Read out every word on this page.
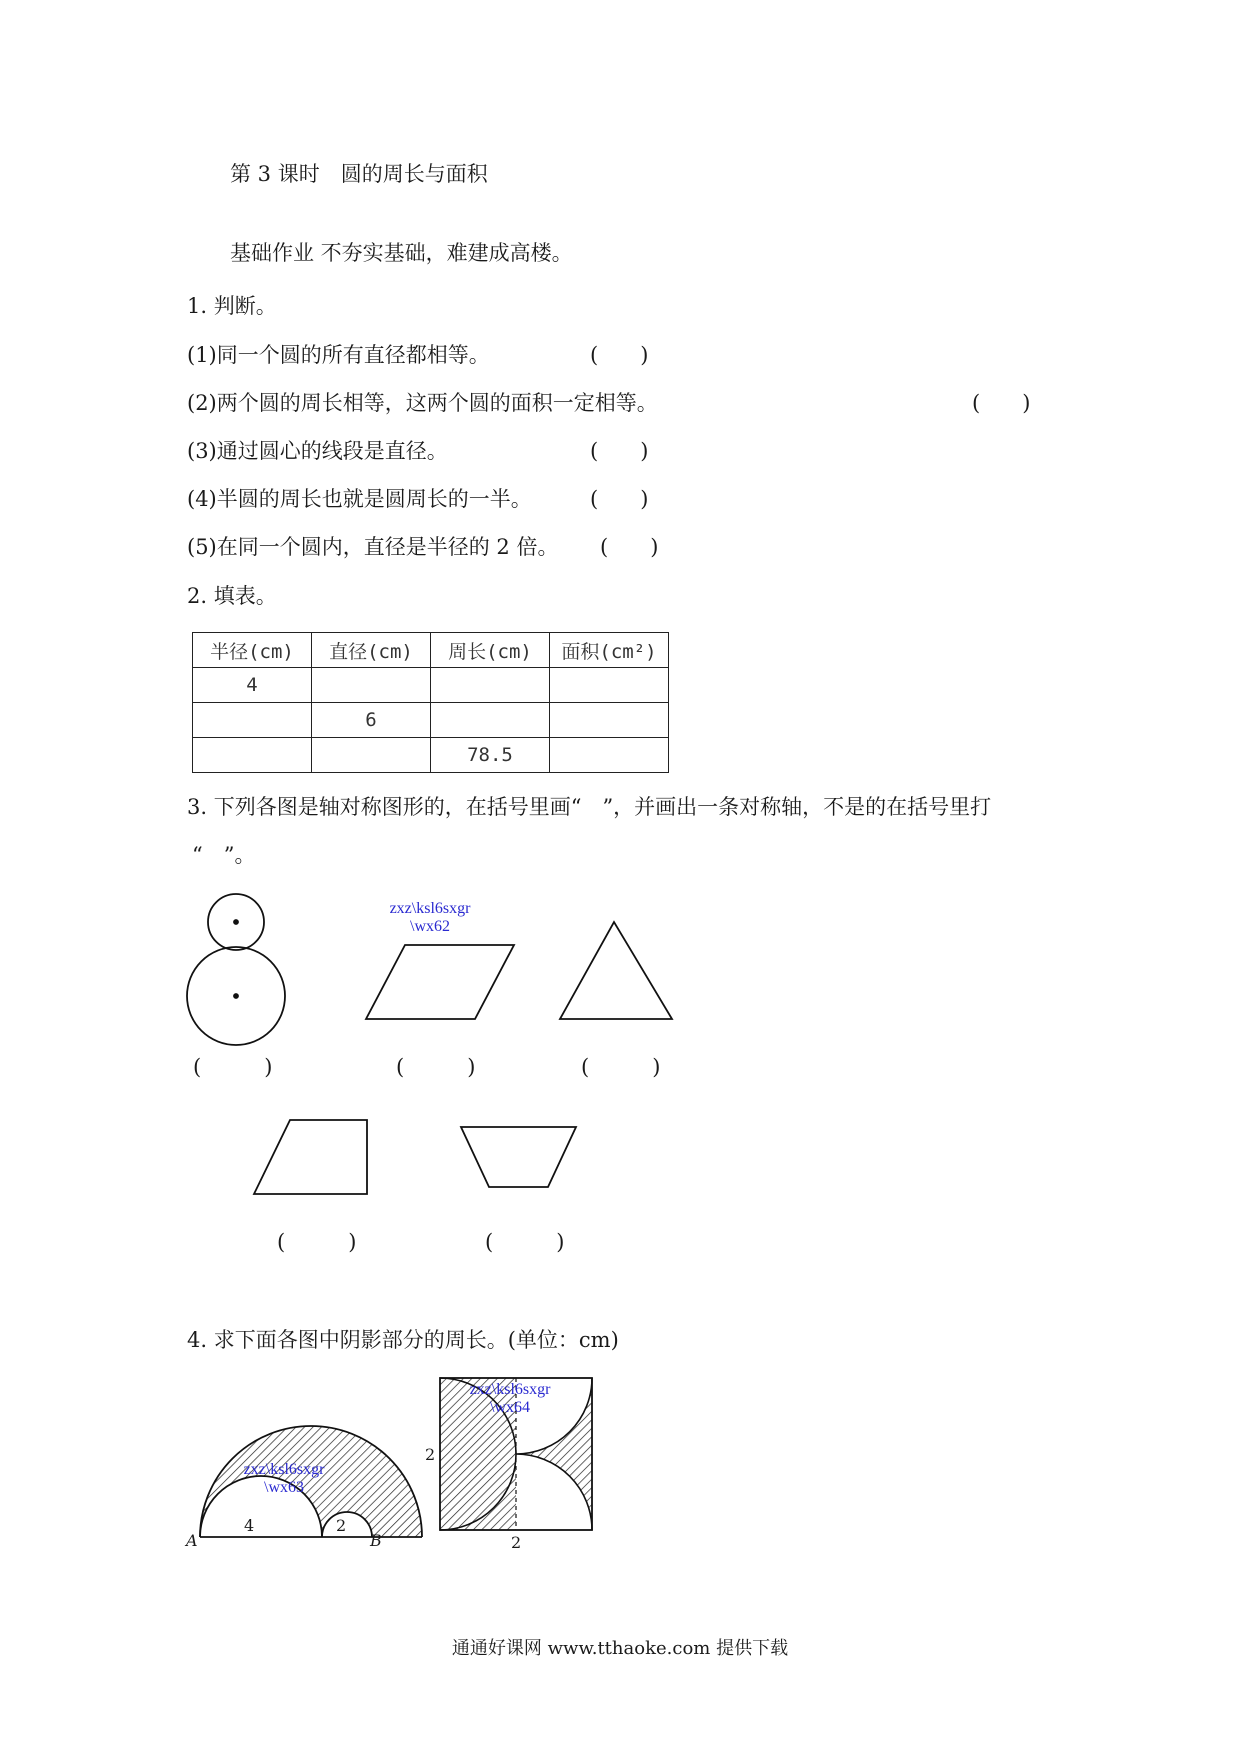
第 3 课时　圆的周长与面积
基础作业 不夯实基础，难建成高楼。
1. 判断。
(1)同一个圆的所有直径都相等。	(　　)
(2)两个圆的周长相等，这两个圆的面积一定相等。	(　　)
(3)通过圆心的线段是直径。	(　　)
(4)半圆的周长也就是圆周长的一半。	(　　)
(5)在同一个圆内，直径是半径的 2 倍。 (　　)
2. 填表。
半径(cm)	直径(cm)	周长(cm)	面积(cm²)
4			
	6		
		78.5	
3. 下列各图是轴对称图形的，在括号里画“　”，并画出一条对称轴，不是的在括号里打
“　”。
zxz\ksl6sxgr
\wx62
(　　　)	(　　　)	(　　　)
(　　　)	(　　　)
4. 求下面各图中阴影部分的周长。(单位：cm)
A	B
4	2
zxz\ksl6sxgr
\wx63
2
2
zxz\ksl6sxgr
\wx64
通通好课网 www.tthaoke.com 提供下载
